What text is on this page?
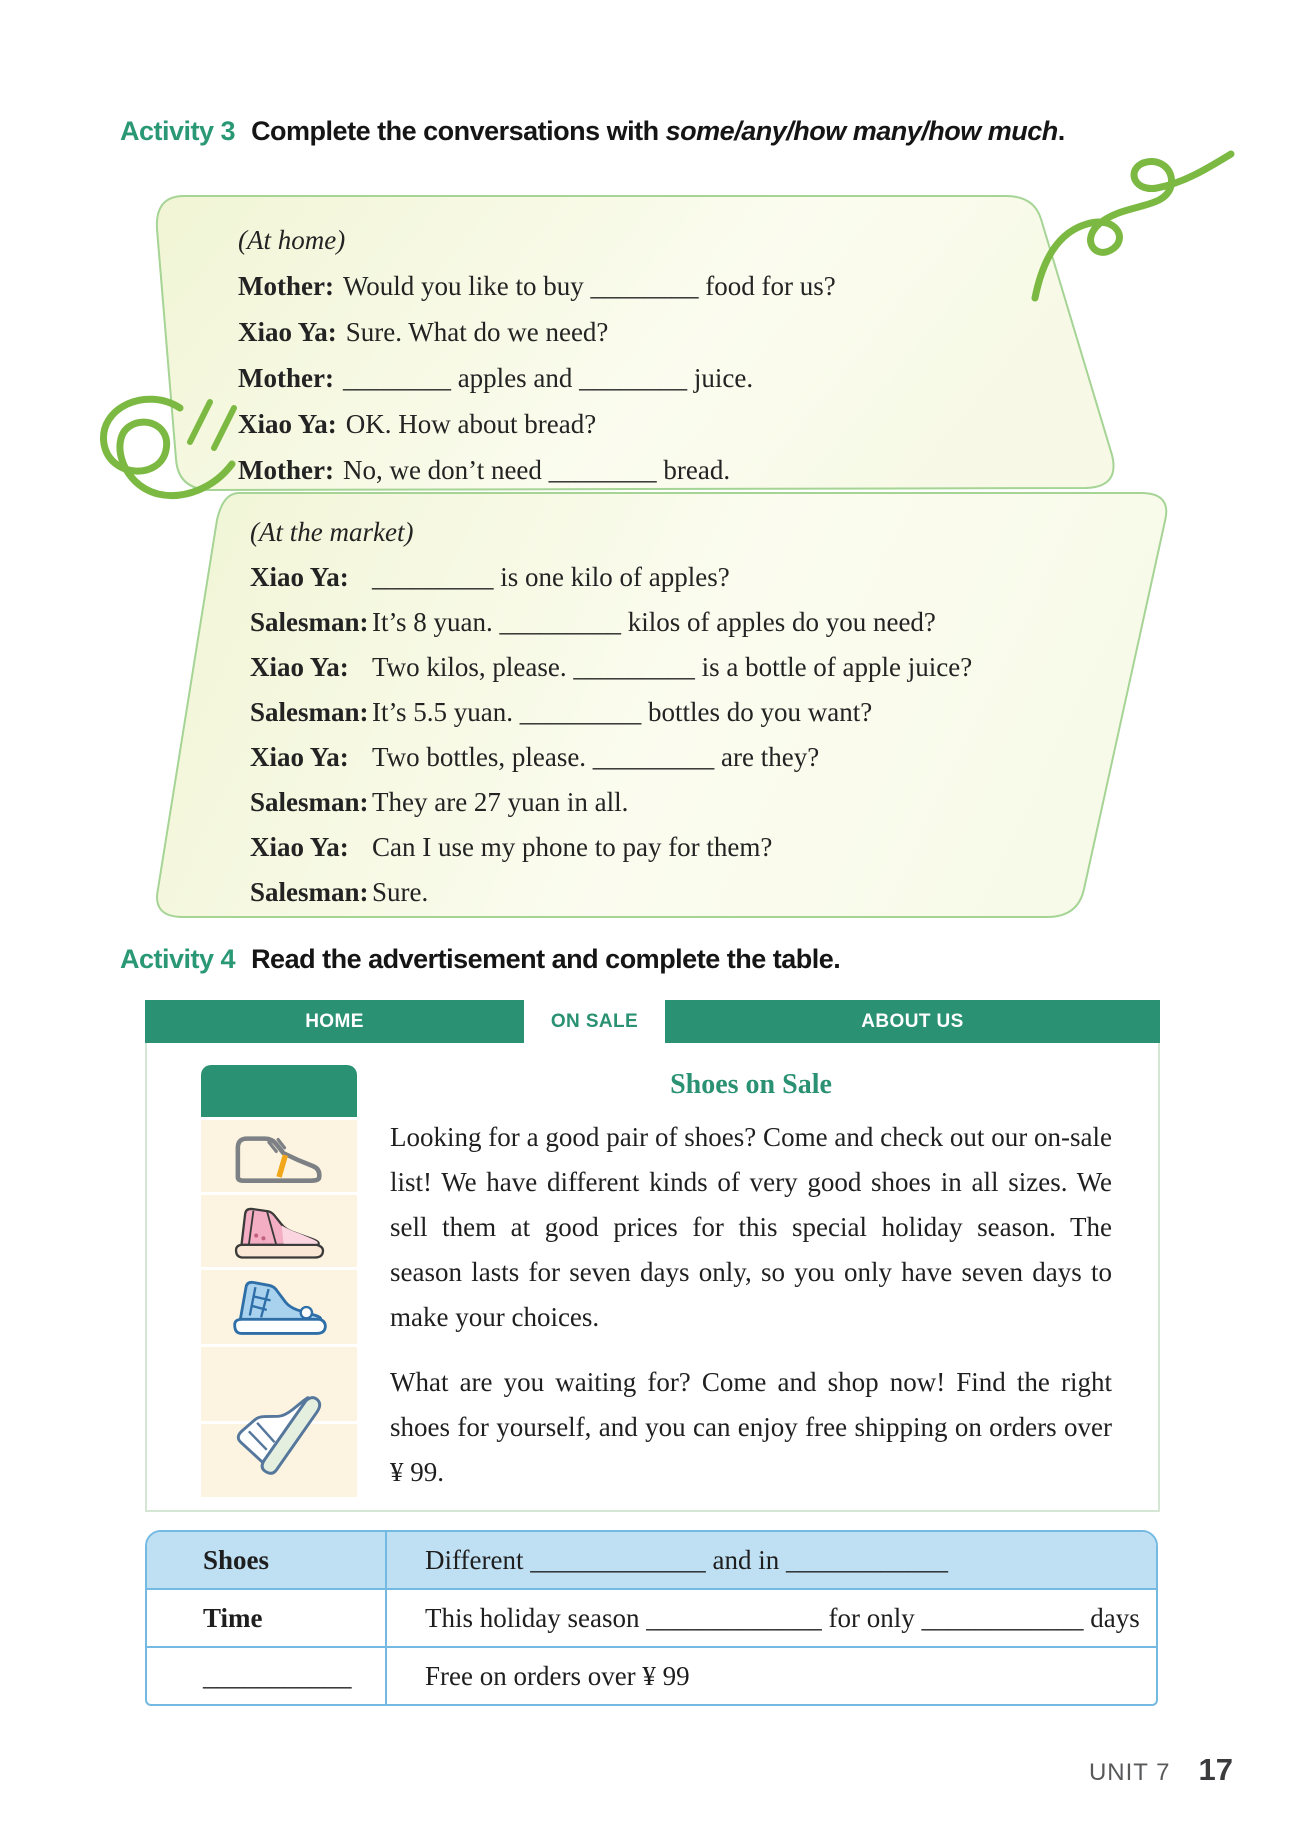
Activity 3 Complete the conversations with some/any/how many/how much.
(At home)
Mother: Would you like to buy ________ food for us?
Xiao Ya: Sure. What do we need?
Mother: ________ apples and ________ juice.
Xiao Ya: OK. How about bread?
Mother: No, we don’t need ________ bread.
(At the market)
Xiao Ya: _________ is one kilo of apples?
Salesman: It’s 8 yuan. _________ kilos of apples do you need?
Xiao Ya: Two kilos, please. _________ is a bottle of apple juice?
Salesman: It’s 5.5 yuan. _________ bottles do you want?
Xiao Ya: Two bottles, please. _________ are they?
Salesman: They are 27 yuan in all.
Xiao Ya: Can I use my phone to pay for them?
Salesman: Sure.
Activity 4 Read the advertisement and complete the table.
HOME	ON SALE	ABOUT US
Shoes on Sale
Looking for a good pair of shoes? Come and check out our on-sale list! We have different kinds of very good shoes in all sizes. We sell them at good prices for this special holiday season. The season lasts for seven days only, so you only have seven days to make your choices.
What are you waiting for? Come and shop now! Find the right shoes for yourself, and you can enjoy free shipping on orders over ¥ 99.
Shoes	Different _____________ and in ____________
Time	This holiday season _____________ for only ____________ days
___________	Free on orders over ¥ 99
UNIT 7 17
